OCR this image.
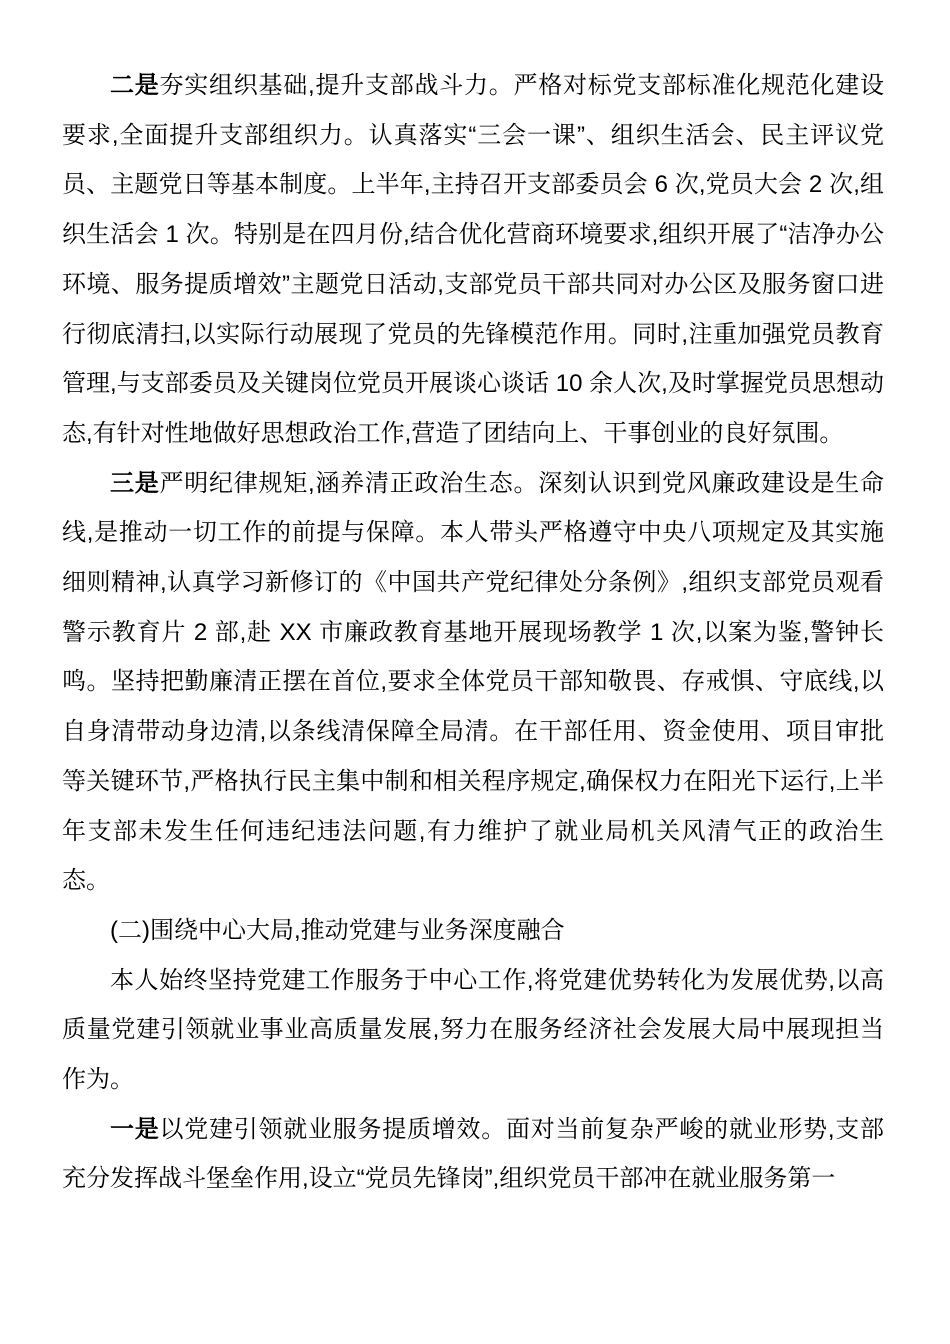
二是夯实组织基础,提升支部战斗力。严格对标党支部标准化规范化建设要求,全面提升支部组织力。认真落实“三会一课”、组织生活会、民主评议党员、主题党日等基本制度。上半年,主持召开支部委员会 6 次,党员大会 2 次,组织生活会 1 次。特别是在四月份,结合优化营商环境要求,组织开展了“洁净办公环境、服务提质增效”主题党日活动,支部党员干部共同对办公区及服务窗口进行彻底清扫,以实际行动展现了党员的先锋模范作用。同时,注重加强党员教育管理,与支部委员及关键岗位党员开展谈心谈话 10 余人次,及时掌握党员思想动态,有针对性地做好思想政治工作,营造了团结向上、干事创业的良好氛围。

三是严明纪律规矩,涵养清正政治生态。深刻认识到党风廉政建设是生命线,是推动一切工作的前提与保障。本人带头严格遵守中央八项规定及其实施细则精神,认真学习新修订的《中国共产党纪律处分条例》,组织支部党员观看警示教育片 2 部,赴 XX 市廉政教育基地开展现场教学 1 次,以案为鉴,警钟长鸣。坚持把勤廉清正摆在首位,要求全体党员干部知敬畏、存戒惧、守底线,以自身清带动身边清,以条线清保障全局清。在干部任用、资金使用、项目审批等关键环节,严格执行民主集中制和相关程序规定,确保权力在阳光下运行,上半年支部未发生任何违纪违法问题,有力维护了就业局机关风清气正的政治生态。

(二)围绕中心大局,推动党建与业务深度融合

本人始终坚持党建工作服务于中心工作,将党建优势转化为发展优势,以高质量党建引领就业事业高质量发展,努力在服务经济社会发展大局中展现担当作为。

一是以党建引领就业服务提质增效。面对当前复杂严峻的就业形势,支部充分发挥战斗堡垒作用,设立“党员先锋岗”,组织党员干部冲在就业服务第一
